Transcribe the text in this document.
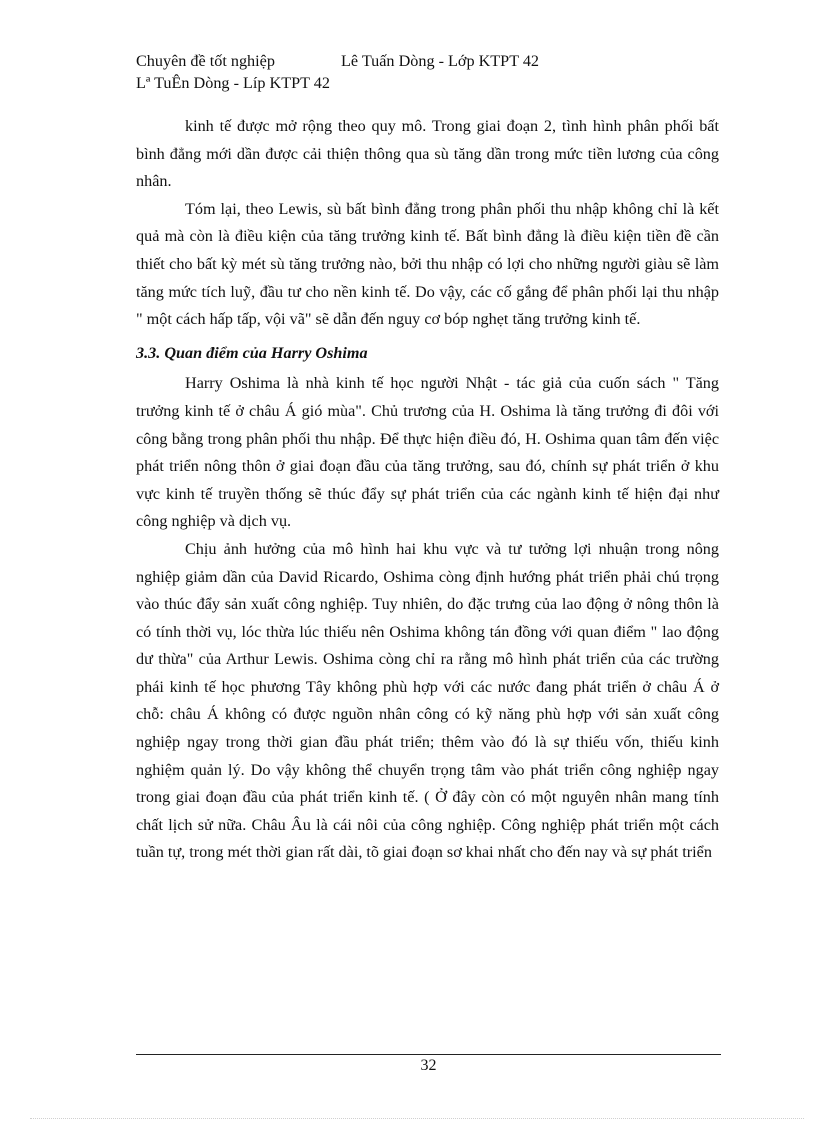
Chuyên đề tốt nghiệp	Lê Tuấn Dòng - Lớp KTPT 42
Lª TuÊn Dòng - Líp KTPT 42

kinh tế được mở rộng theo quy mô. Trong giai đoạn 2, tình hình phân phối bất bình đẳng mới dần được cải thiện thông qua sù tăng dần trong mức tiền lương của công nhân.

Tóm lại, theo Lewis, sù bất bình đẳng trong phân phối thu nhập không chỉ là kết quả mà còn là điều kiện của tăng trưởng kinh tế. Bất bình đẳng là điều kiện tiền đề cần thiết cho bất kỳ mét sù tăng trưởng nào, bởi thu nhập có lợi cho những người giàu sẽ làm tăng mức tích luỹ, đầu tư cho nền kinh tế. Do vậy, các cố gắng để phân phối lại thu nhập " một cách hấp tấp, vội vã" sẽ dẫn đến nguy cơ bóp nghẹt tăng trưởng kinh tế.

3.3. Quan điểm của Harry Oshima

Harry Oshima là nhà kinh tế học người Nhật - tác giả của cuốn sách " Tăng trưởng kinh tế ở châu Á gió mùa". Chủ trương của H. Oshima là tăng trưởng đi đôi với công bằng trong phân phối thu nhập. Để thực hiện điều đó, H. Oshima quan tâm đến việc phát triển nông thôn ở giai đoạn đầu của tăng trưởng, sau đó, chính sự phát triển ở khu vực kinh tế truyền thống sẽ thúc đẩy sự phát triển của các ngành kinh tế hiện đại như công nghiệp và dịch vụ.

Chịu ảnh hưởng của mô hình hai khu vực và tư tưởng lợi nhuận trong nông nghiệp giảm dần của David Ricardo, Oshima còng định hướng phát triển phải chú trọng vào thúc đẩy sản xuất công nghiệp. Tuy nhiên, do đặc trưng của lao động ở nông thôn là có tính thời vụ, lóc thừa lúc thiếu nên Oshima không tán đồng với quan điểm " lao động dư thừa" của Arthur Lewis. Oshima còng chỉ ra rằng mô hình phát triển của các trường phái kinh tế học phương Tây không phù hợp với các nước đang phát triển ở châu Á ở chỗ: châu Á không có được nguồn nhân công có kỹ năng phù hợp với sản xuất công nghiệp ngay trong thời gian đầu phát triển; thêm vào đó là sự thiếu vốn, thiếu kinh nghiệm quản lý. Do vậy không thể chuyển trọng tâm vào phát triển công nghiệp ngay trong giai đoạn đầu của phát triển kinh tế. ( Ở đây còn có một nguyên nhân mang tính chất lịch sử nữa. Châu Âu là cái nôi của công nghiệp. Công nghiệp phát triển một cách tuần tự, trong mét thời gian rất dài, tõ giai đoạn sơ khai nhất cho đến nay và sự phát triển

32
